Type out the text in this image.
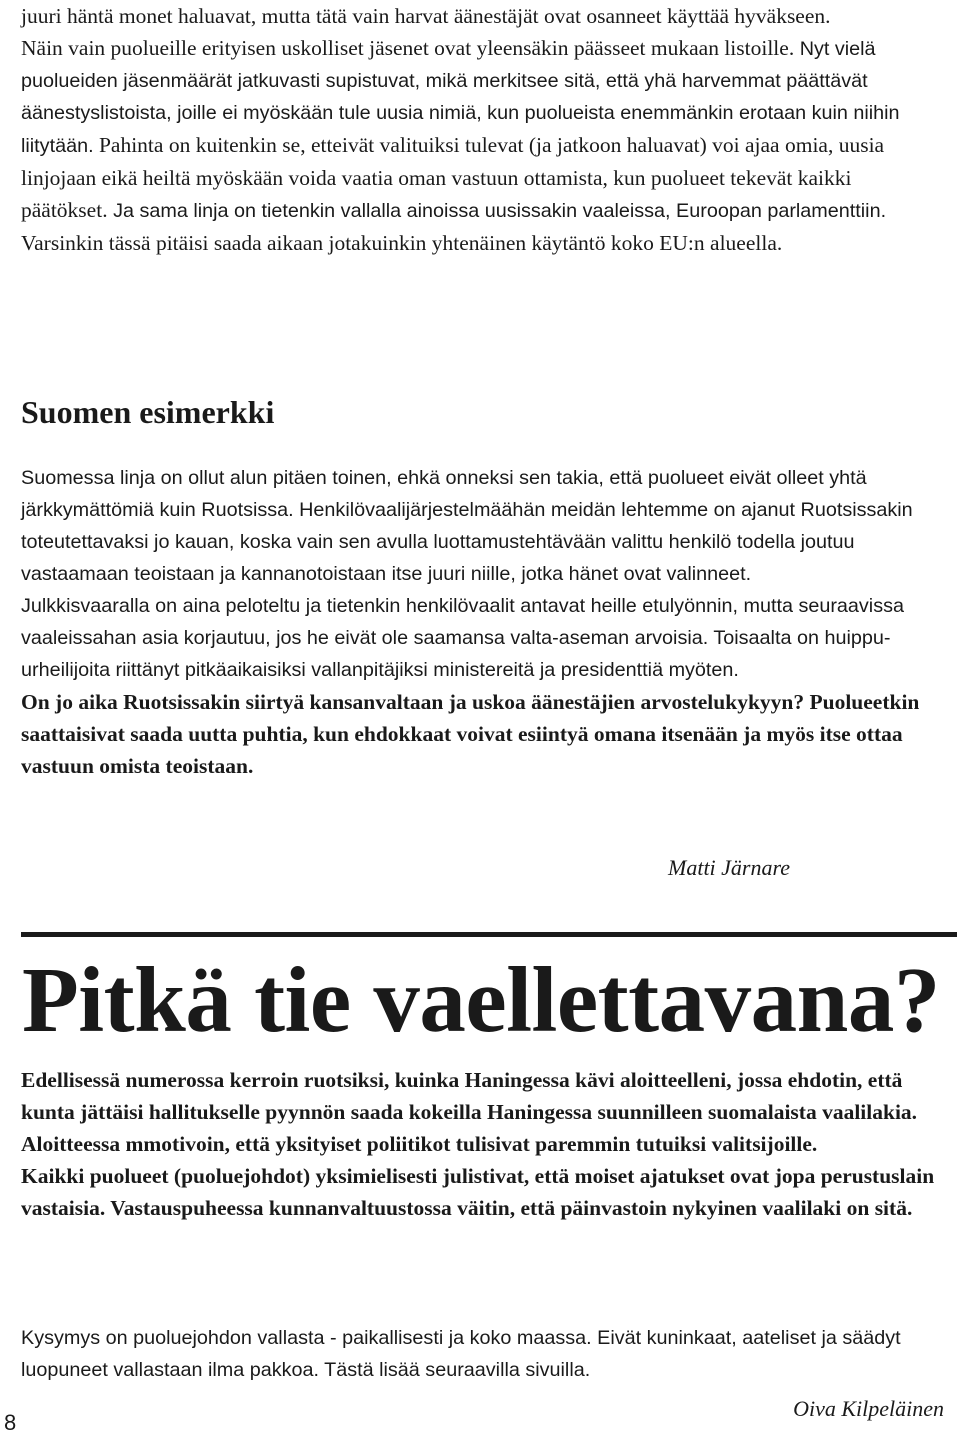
juuri häntä monet haluavat, mutta tätä vain harvat äänestäjät ovat osanneet käyttää hyväkseen.

Näin vain puolueille erityisen uskolliset jäsenet ovat yleensäkin päässeet mukaan listoille. Nyt vielä puolueiden jäsenmäärät jatkuvasti supistuvat, mikä merkitsee sitä, että yhä harvemmat päättävät äänestyslistoista, joille ei myöskään tule uusia nimiä, kun puolueista enemmänkin erotaan kuin niihin liitytään. Pahinta on kuitenkin se, etteivät valituiksi tulevat (ja jatkoon haluavat) voi ajaa omia, uusia linjojaan eikä heiltä myöskään voida vaatia oman vastuun ottamista, kun puolueet tekevät kaikki päätökset. Ja sama linja on tietenkin vallalla ainoissa uusissakin vaaleissa, Euroopan parlamenttiin. Varsinkin tässä pitäisi saada aikaan jotakuinkin yhtenäinen käytäntö koko EU:n alueella.

Suomen esimerkki

Suomessa linja on ollut alun pitäen toinen, ehkä onneksi sen takia, että puolueet eivät olleet yhtä järkkymättömiä kuin Ruotsissa. Henkilövaalijärjestelmäähän meidän lehtemme on ajanut Ruotsissakin toteutettavaksi jo kauan, koska vain sen avulla luottamustehtävään valittu henkilö todella joutuu vastaamaan teoistaan ja kannanotoistaan itse juuri niille, jotka hänet ovat valinneet.

Julkkisvaaralla on aina peloteltu ja tietenkin henkilövaalit antavat heille etulyönnin, mutta seuraavissa vaaleissahan asia korjautuu, jos he eivät ole saamansa valta-aseman arvoisia. Toisaalta on huippu-urheilijoita riittänyt pitkäaikaisiksi vallanpitäjiksi ministereitä ja presidenttiä myöten.

On jo aika Ruotsissakin siirtyä kansanvaltaan ja uskoa äänestäjien arvostelukykyyn? Puolueetkin saattaisivat saada uutta puhtia, kun ehdokkaat voivat esiintyä omana itsenään ja myös itse ottaa vastuun omista teoistaan.

Matti Järnare
Pitkä tie vaellettavana?

Edellisessä numerossa kerroin ruotsiksi, kuinka Haningessa kävi aloitteelleni, jossa ehdotin, että kunta jättäisi hallitukselle pyynnön saada kokeilla Haningessa suunnilleen suomalaista vaalilakia. Aloitteessa mmotivoin, että yksityiset poliitikot tulisivat paremmin tutuiksi valitsijoille.

Kaikki puolueet (puoluejohdot) yksimielisesti julistivat, että moiset ajatukset ovat jopa perustuslain vastaisia. Vastauspuheessa kunnanvaltuustossa väitin, että päinvastoin nykyinen vaalilaki on sitä.

Kysymys on puoluejohdon vallasta - paikallisesti ja koko maassa. Eivät kuninkaat, aateliset ja säädyt luopuneet vallastaan ilma pakkoa. Tästä lisää seuraavilla sivuilla.

Oiva Kilpeläinen
8
